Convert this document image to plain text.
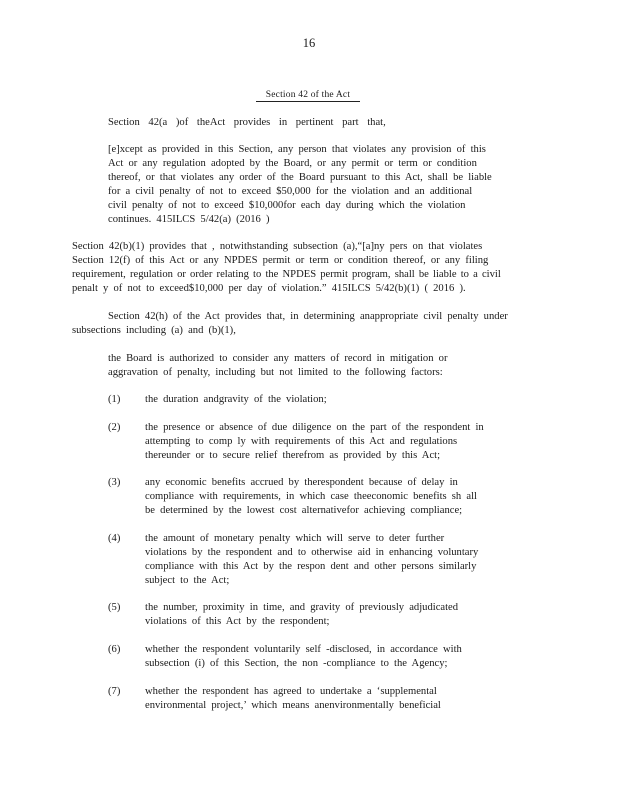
16
Section 42 of the Act
Section 42(a )of theAct provides in pertinent part that,
[e]xcept as provided in this Section, any person that violates any provision of this
Act or any regulation adopted by the Board, or any permit or term or condition
thereof, or that violates any order of the Board pursuant to this Act, shall be liable
for a civil penalty of not to exceed $50,000 for the violation and an additional
civil penalty of not to exceed $10,000for each day during which the violation
continues. 415ILCS 5/42(a) (2016 )
Section 42(b)(1) provides that , notwithstanding subsection (a),“[a]ny pers on that violates
Section 12(f) of this Act or any NPDES permit or term or condition thereof, or any filing
requirement, regulation or order relating to the NPDES permit program, shall be liable to a civil
penalt y of not to exceed$10,000 per day of violation.” 415ILCS 5/42(b)(1) ( 2016 ).
Section 42(h) of the Act provides that, in determining anappropriate civil penalty under
subsections including (a) and (b)(1),
the Board is authorized to consider any matters of record in mitigation or
aggravation of penalty, including but not limited to the following factors:
(1) the duration andgravity of the violation;
(2) the presence or absence of due diligence on the part of the respondent in
attempting to comp ly with requirements of this Act and regulations
thereunder or to secure relief therefrom as provided by this Act;
(3) any economic benefits accrued by therespondent because of delay in
compliance with requirements, in which case theeconomic benefits sh all
be determined by the lowest cost alternativefor achieving compliance;
(4) the amount of monetary penalty which will serve to deter further
violations by the respondent and to otherwise aid in enhancing voluntary
compliance with this Act by the respon dent and other persons similarly
subject to the Act;
(5) the number, proximity in time, and gravity of previously adjudicated
violations of this Act by the respondent;
(6) whether the respondent voluntarily self -disclosed, in accordance with
subsection (i) of this Section, the non -compliance to the Agency;
(7) whether the respondent has agreed to undertake a ‘supplemental
environmental project,’ which means anenvironmentally beneficial
